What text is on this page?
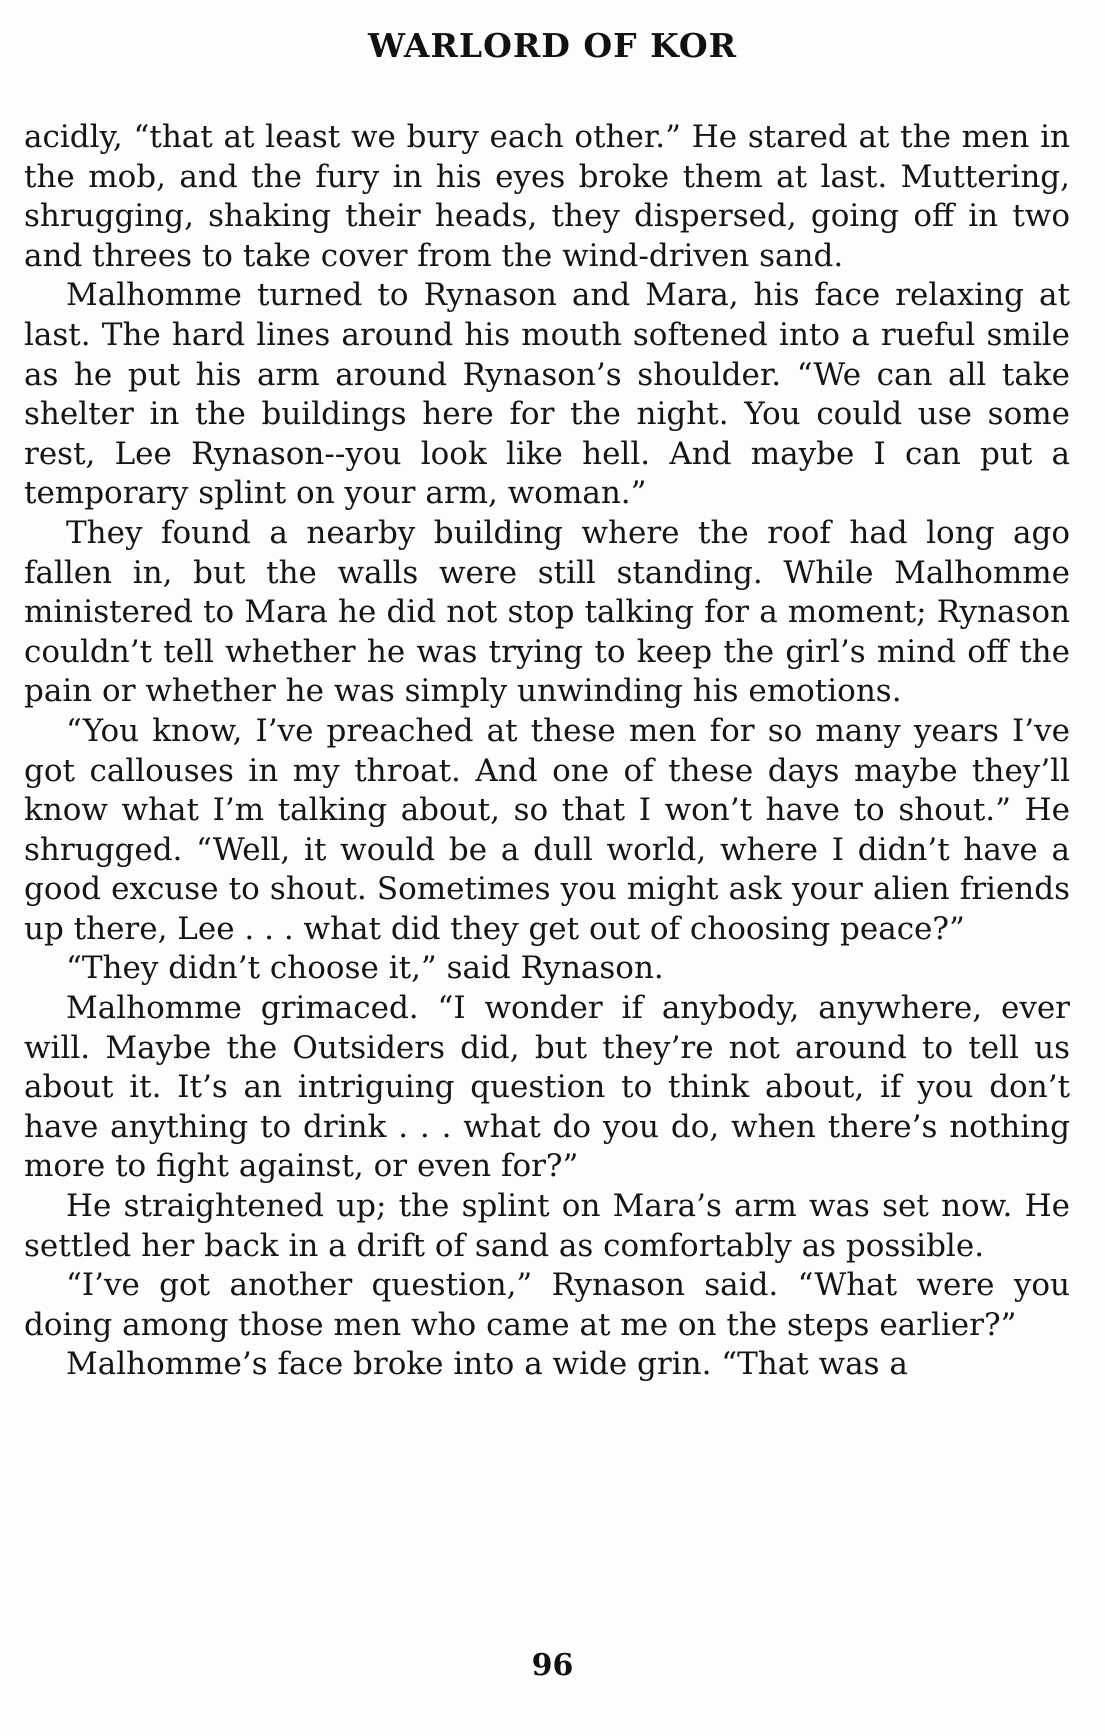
WARLORD OF KOR

acidly, “that at least we bury each other.” He stared at the men in the mob, and the fury in his eyes broke them at last. Muttering, shrugging, shaking their heads, they dispersed, going off in two and threes to take cover from the wind-driven sand.

Malhomme turned to Rynason and Mara, his face relaxing at last. The hard lines around his mouth softened into a rueful smile as he put his arm around Rynason’s shoulder. “We can all take shelter in the buildings here for the night. You could use some rest, Lee Rynason--you look like hell. And maybe I can put a temporary splint on your arm, woman.”

They found a nearby building where the roof had long ago fallen in, but the walls were still standing. While Malhomme ministered to Mara he did not stop talking for a moment; Rynason couldn’t tell whether he was trying to keep the girl’s mind off the pain or whether he was simply unwinding his emotions.

“You know, I’ve preached at these men for so many years I’ve got callouses in my throat. And one of these days maybe they’ll know what I’m talking about, so that I won’t have to shout.” He shrugged. “Well, it would be a dull world, where I didn’t have a good excuse to shout. Sometimes you might ask your alien friends up there, Lee . . . what did they get out of choosing peace?”

“They didn’t choose it,” said Rynason.

Malhomme grimaced. “I wonder if anybody, anywhere, ever will. Maybe the Outsiders did, but they’re not around to tell us about it. It’s an intriguing question to think about, if you don’t have anything to drink . . . what do you do, when there’s nothing more to fight against, or even for?”

He straightened up; the splint on Mara’s arm was set now. He settled her back in a drift of sand as comfortably as possible.

“I’ve got another question,” Rynason said. “What were you doing among those men who came at me on the steps earlier?”

Malhomme’s face broke into a wide grin. “That was a

96
